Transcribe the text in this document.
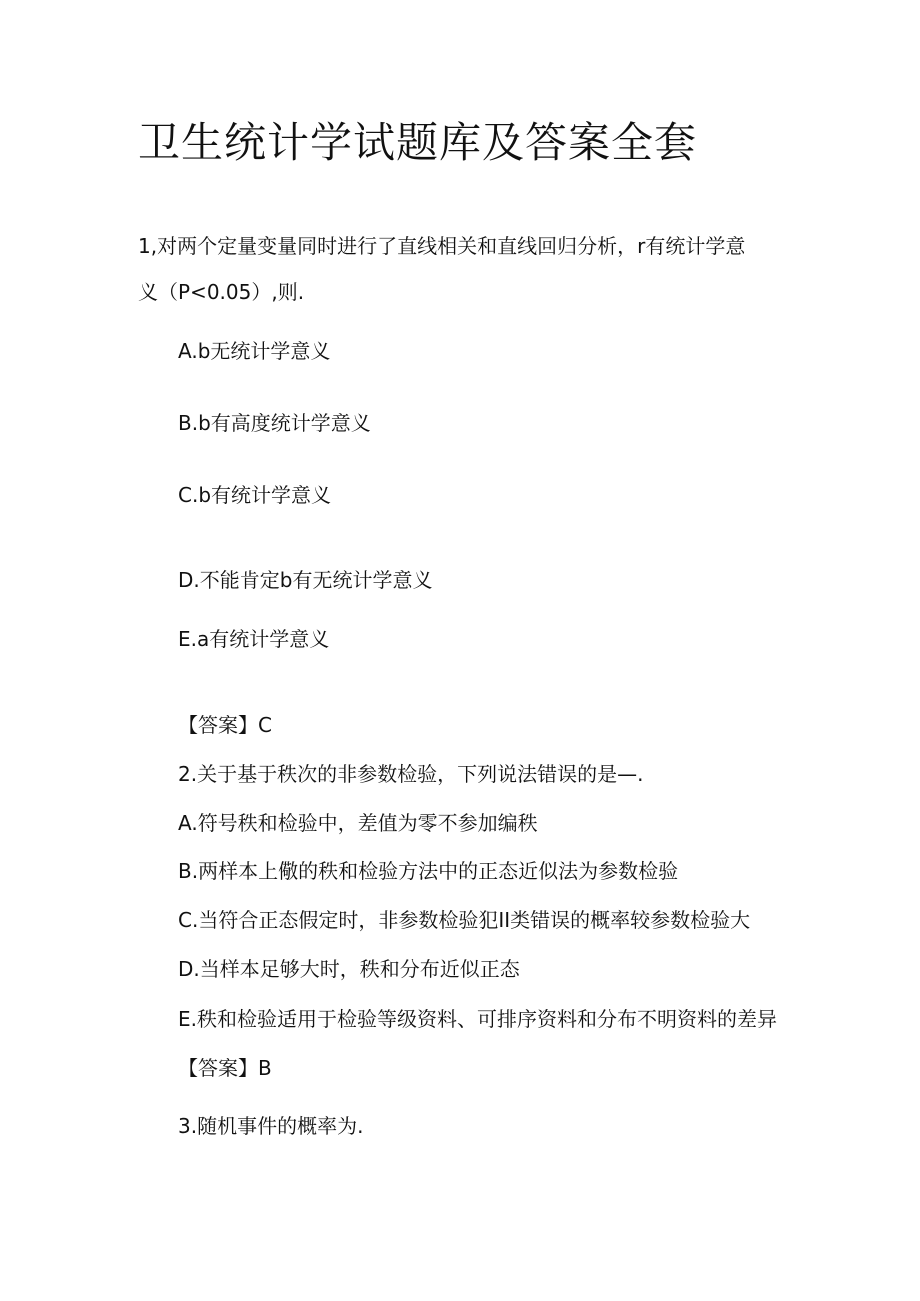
卫生统计学试题库及答案全套

1,对两个定量变量同时进行了直线相关和直线回归分析，r有统计学意

义（P<0.05）,则.

A.b无统计学意义

B.b有高度统计学意义

C.b有统计学意义

D.不能肯定b有无统计学意义

E.a有统计学意义

【答案】C

2.关于基于秩次的非参数检验，下列说法错误的是—.

A.符号秩和检验中，差值为零不参加编秩

B.两样本上儆的秩和检验方法中的正态近似法为参数检验

C.当符合正态假定时，非参数检验犯II类错误的概率较参数检验大

D.当样本足够大时，秩和分布近似正态

E.秩和检验适用于检验等级资料、可排序资料和分布不明资料的差异

【答案】B

3.随机事件的概率为.
